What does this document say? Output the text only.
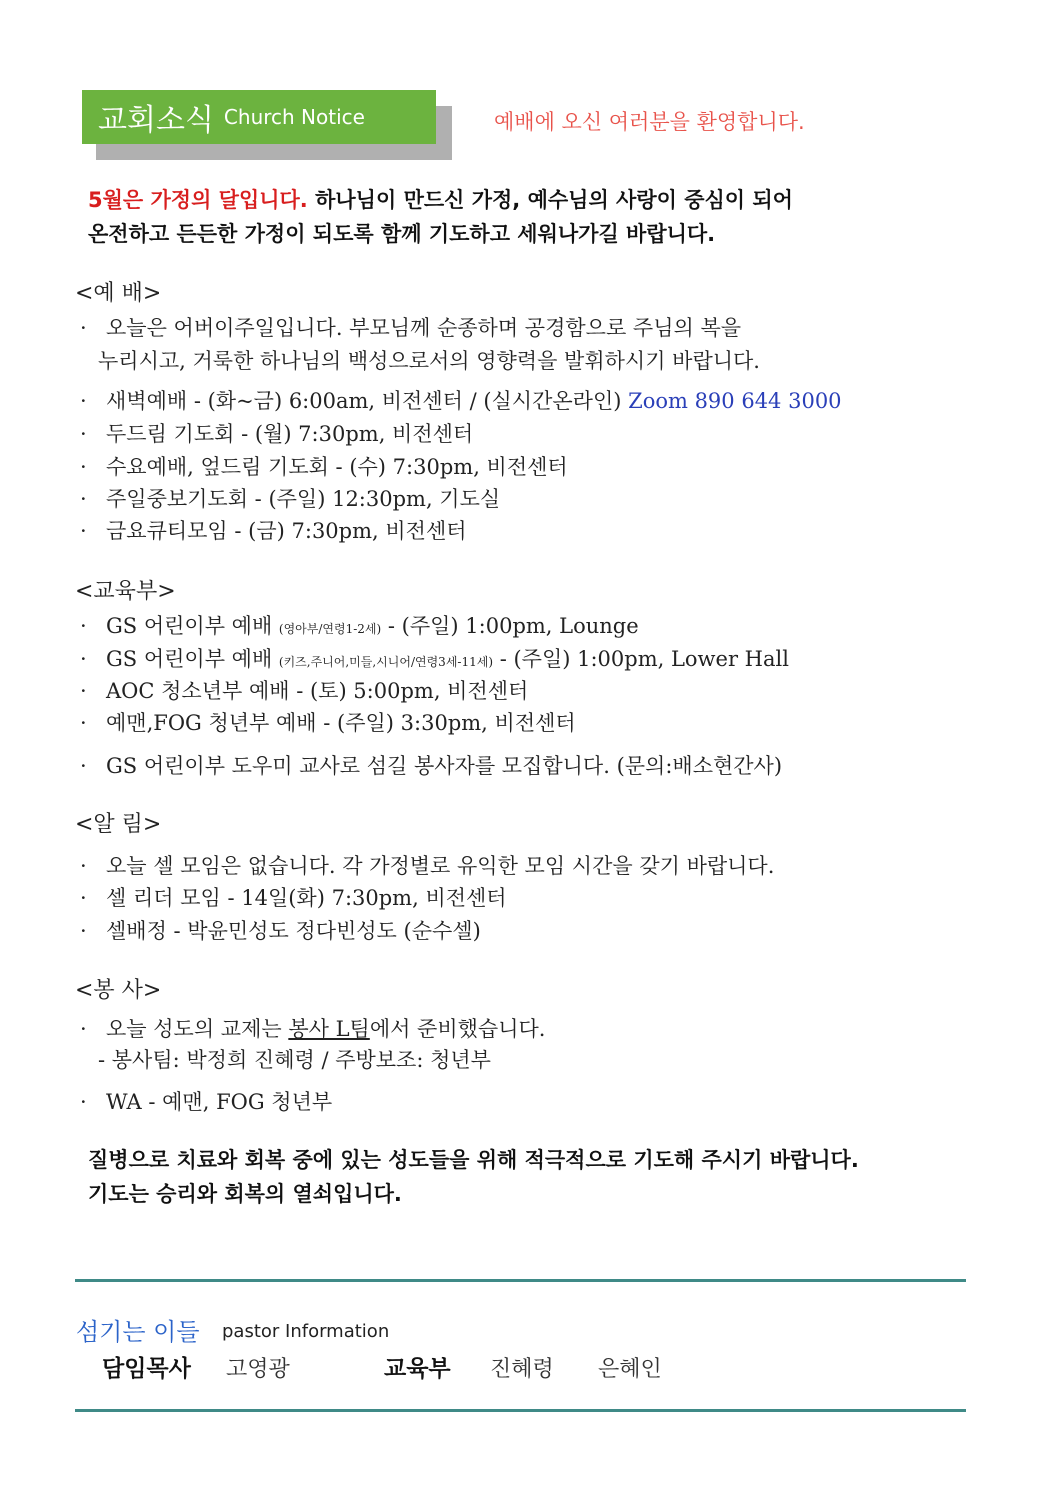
교회소식 Church Notice	예배에 오신 여러분을 환영합니다.
5월은 가정의 달입니다. 하나님이 만드신 가정, 예수님의 사랑이 중심이 되어
온전하고 든든한 가정이 되도록 함께 기도하고 세워나가길 바랍니다.
<예 배>
· 오늘은 어버이주일입니다. 부모님께 순종하며 공경함으로 주님의 복을
누리시고, 거룩한 하나님의 백성으로서의 영향력을 발휘하시기 바랍니다.
· 새벽예배 - (화~금) 6:00am, 비전센터 / (실시간온라인) Zoom 890 644 3000
· 두드림 기도회 - (월) 7:30pm, 비전센터
· 수요예배, 엎드림 기도회 - (수) 7:30pm, 비전센터
· 주일중보기도회 - (주일) 12:30pm, 기도실
· 금요큐티모임 - (금) 7:30pm, 비전센터
<교육부>
· GS 어린이부 예배 (영아부/연령1-2세) - (주일) 1:00pm, Lounge
· GS 어린이부 예배 (키즈,주니어,미들,시니어/연령3세-11세) - (주일) 1:00pm, Lower Hall
· AOC 청소년부 예배 - (토) 5:00pm, 비전센터
· 예맨,FOG 청년부 예배 - (주일) 3:30pm, 비전센터
· GS 어린이부 도우미 교사로 섬길 봉사자를 모집합니다. (문의:배소현간사)
<알 림>
· 오늘 셀 모임은 없습니다. 각 가정별로 유익한 모임 시간을 갖기 바랍니다.
· 셀 리더 모임 - 14일(화) 7:30pm, 비전센터
· 셀배정 - 박윤민성도 정다빈성도 (순수셀)
<봉 사>
· 오늘 성도의 교제는 봉사 L팀에서 준비했습니다.
- 봉사팀: 박정희 진혜령 / 주방보조: 청년부
· WA - 예맨, FOG 청년부
질병으로 치료와 회복 중에 있는 성도들을 위해 적극적으로 기도해 주시기 바랍니다.
기도는 승리와 회복의 열쇠입니다.
섬기는 이들 pastor Information
담임목사 고영광	교육부 진혜령 은혜인
